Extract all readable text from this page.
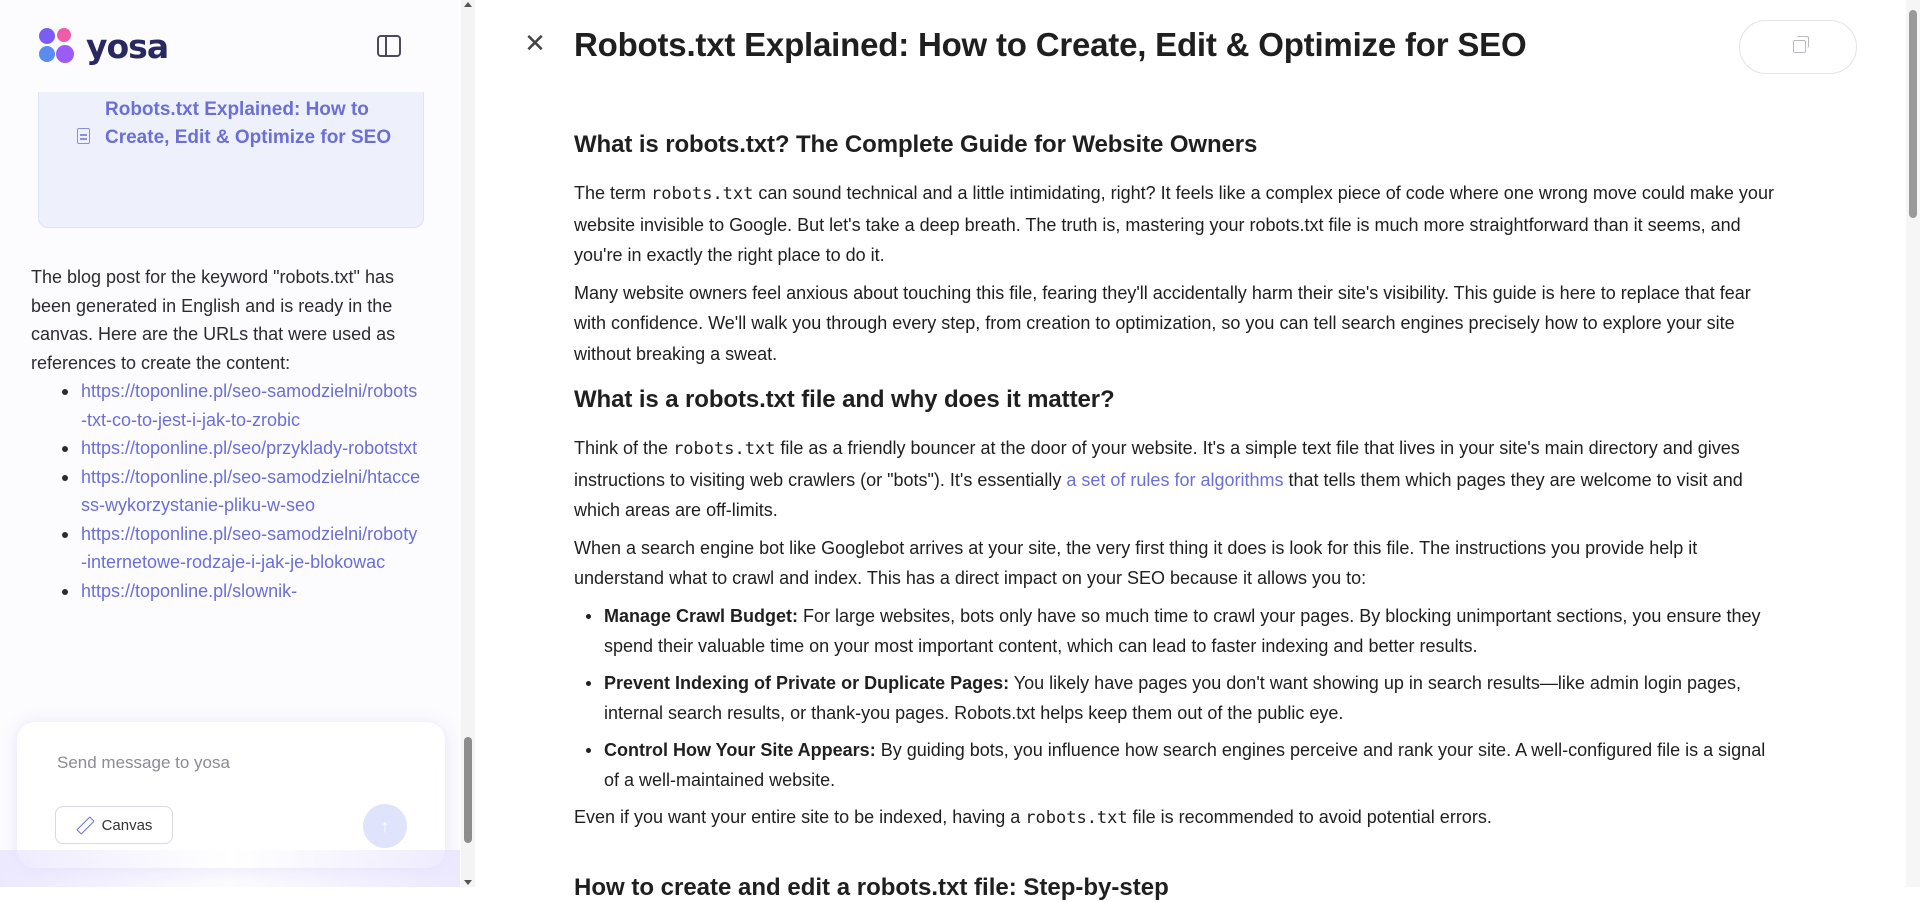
yosa
Robots.txt Explained: How to Create, Edit & Optimize for SEO

The blog post for the keyword "robots.txt" has been generated in English and is ready in the canvas. Here are the URLs that were used as references to create the content:

https://toponline.pl/seo-samodzielni/robots-txt-co-to-jest-i-jak-to-zrobic
https://toponline.pl/seo/przyklady-robotstxt
https://toponline.pl/seo-samodzielni/htaccess-wykorzystanie-pliku-w-seo
https://toponline.pl/seo-samodzielni/roboty-internetowe-rodzaje-i-jak-je-blokowac
https://toponline.pl/slownik-
Send message to yosa
Canvas	↑
✕ Robots.txt Explained: How to Create, Edit & Optimize for SEO
What is robots.txt? The Complete Guide for Website Owners

The term robots.txt can sound technical and a little intimidating, right? It feels like a complex piece of code where one wrong move could make your website invisible to Google. But let's take a deep breath. The truth is, mastering your robots.txt file is much more straightforward than it seems, and you're in exactly the right place to do it.

Many website owners feel anxious about touching this file, fearing they'll accidentally harm their site's visibility. This guide is here to replace that fear with confidence. We'll walk you through every step, from creation to optimization, so you can tell search engines precisely how to explore your site without breaking a sweat.

What is a robots.txt file and why does it matter?

Think of the robots.txt file as a friendly bouncer at the door of your website. It's a simple text file that lives in your site's main directory and gives instructions to visiting web crawlers (or "bots"). It's essentially a set of rules for algorithms that tells them which pages they are welcome to visit and which areas are off-limits.

When a search engine bot like Googlebot arrives at your site, the very first thing it does is look for this file. The instructions you provide help it understand what to crawl and index. This has a direct impact on your SEO because it allows you to:

Manage Crawl Budget: For large websites, bots only have so much time to crawl your pages. By blocking unimportant sections, you ensure they spend their valuable time on your most important content, which can lead to faster indexing and better results.
Prevent Indexing of Private or Duplicate Pages: You likely have pages you don't want showing up in search results—like admin login pages, internal search results, or thank-you pages. Robots.txt helps keep them out of the public eye.
Control How Your Site Appears: By guiding bots, you influence how search engines perceive and rank your site. A well-configured file is a signal of a well-maintained website.

Even if you want your entire site to be indexed, having a robots.txt file is recommended to avoid potential errors.

How to create and edit a robots.txt file: Step-by-step
